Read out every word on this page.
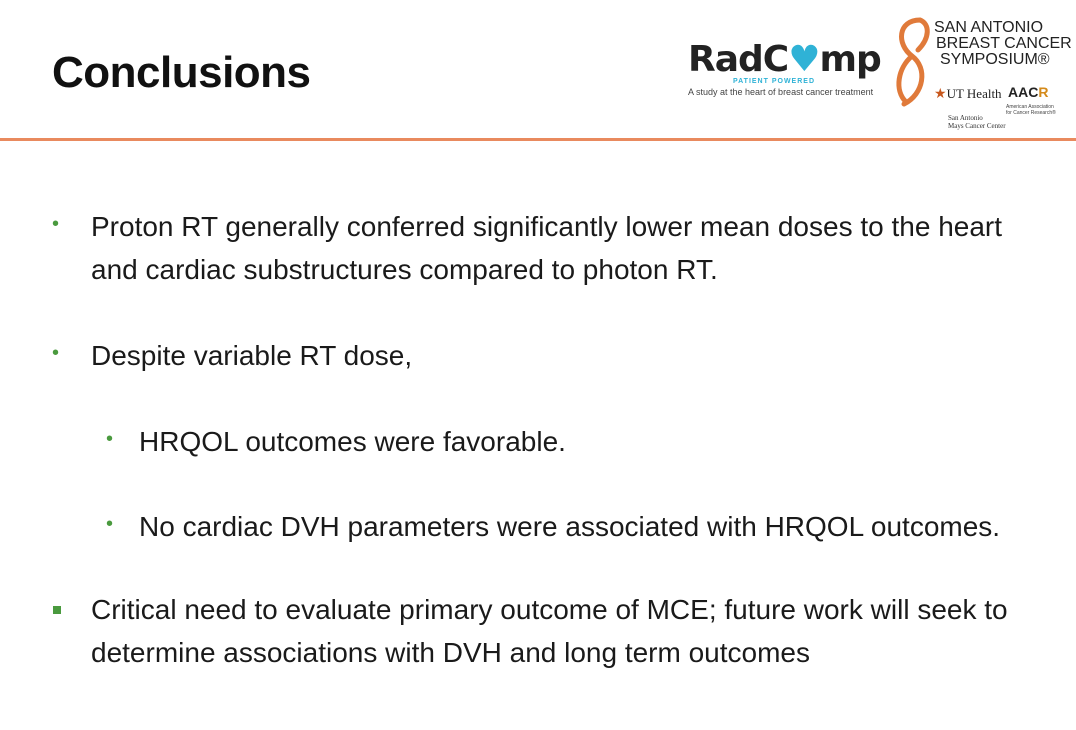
Conclusions	RadC♥mp
PATIENT POWERED
A study at the heart of breast cancer treatment
SAN ANTONIO
BREAST CANCER
SYMPOSIUM®
★UT Health
San Antonio
Mays Cancer Center
AACR
American Association for Cancer Research®
• Proton RT generally conferred significantly lower mean doses to the heart
and cardiac substructures compared to photon RT.
• Despite variable RT dose,
• HRQOL outcomes were favorable.
• No cardiac DVH parameters were associated with HRQOL outcomes.
Critical need to evaluate primary outcome of MCE; future work will seek to
determine associations with DVH and long term outcomes
